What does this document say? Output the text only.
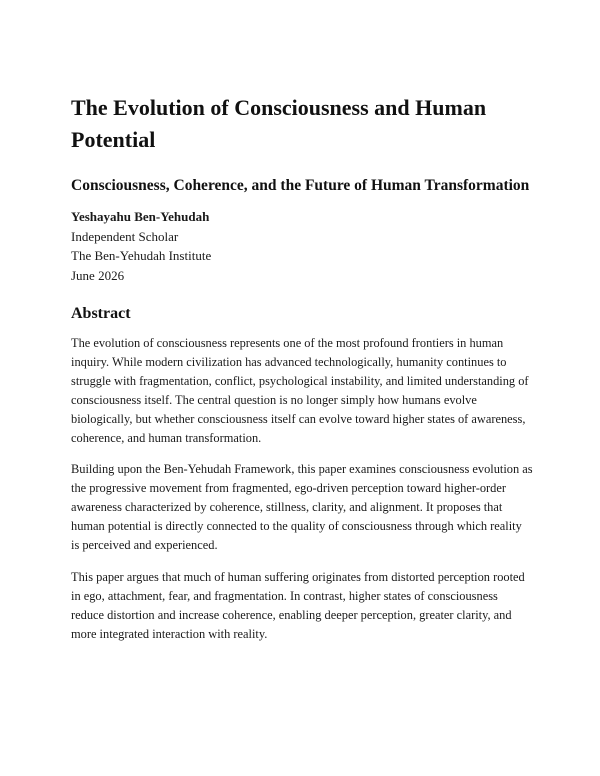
The Evolution of Consciousness and Human Potential
Consciousness, Coherence, and the Future of Human Transformation
Yeshayahu Ben-Yehudah
Independent Scholar
The Ben-Yehudah Institute
June 2026
Abstract

The evolution of consciousness represents one of the most profound frontiers in human inquiry. While modern civilization has advanced technologically, humanity continues to struggle with fragmentation, conflict, psychological instability, and limited understanding of consciousness itself. The central question is no longer simply how humans evolve biologically, but whether consciousness itself can evolve toward higher states of awareness, coherence, and human transformation.

Building upon the Ben-Yehudah Framework, this paper examines consciousness evolution as the progressive movement from fragmented, ego-driven perception toward higher-order awareness characterized by coherence, stillness, clarity, and alignment. It proposes that human potential is directly connected to the quality of consciousness through which reality is perceived and experienced.

This paper argues that much of human suffering originates from distorted perception rooted in ego, attachment, fear, and fragmentation. In contrast, higher states of consciousness reduce distortion and increase coherence, enabling deeper perception, greater clarity, and more integrated interaction with reality.
